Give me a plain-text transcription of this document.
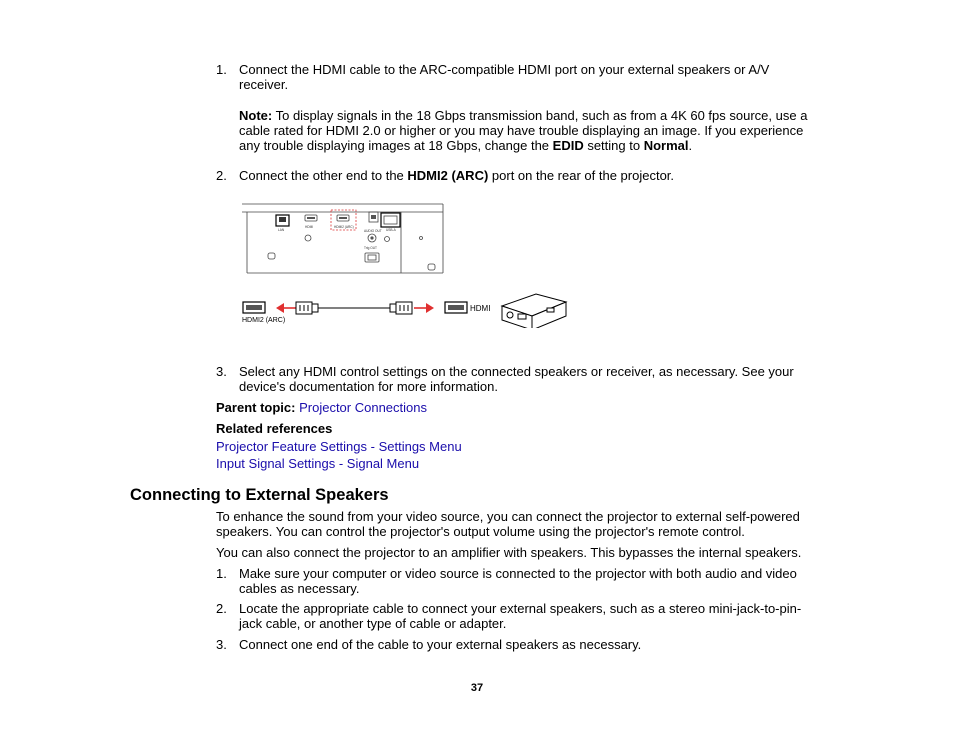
1. Connect the HDMI cable to the ARC-compatible HDMI port on your external speakers or A/V
receiver.
Note: To display signals in the 18 Gbps transmission band, such as from a 4K 60 fps source, use a
cable rated for HDMI 2.0 or higher or you may have trouble displaying an image. If you experience
any trouble displaying images at 18 Gbps, change the EDID setting to Normal.
2. Connect the other end to the HDMI2 (ARC) port on the rear of the projector.
LAN
HDMI	HDMI2 (ARC)
USB-A
AUDIO OUT
Trig OUT
HDMI2 (ARC)
HDMI
3. Select any HDMI control settings on the connected speakers or receiver, as necessary. See your
device's documentation for more information.
Parent topic: Projector Connections
Related references
Projector Feature Settings - Settings Menu
Input Signal Settings - Signal Menu
Connecting to External Speakers
To enhance the sound from your video source, you can connect the projector to external self-powered
speakers. You can control the projector's output volume using the projector's remote control.
You can also connect the projector to an amplifier with speakers. This bypasses the internal speakers.
1. Make sure your computer or video source is connected to the projector with both audio and video
cables as necessary.
2. Locate the appropriate cable to connect your external speakers, such as a stereo mini-jack-to-pin-
jack cable, or another type of cable or adapter.
3. Connect one end of the cable to your external speakers as necessary.
37
